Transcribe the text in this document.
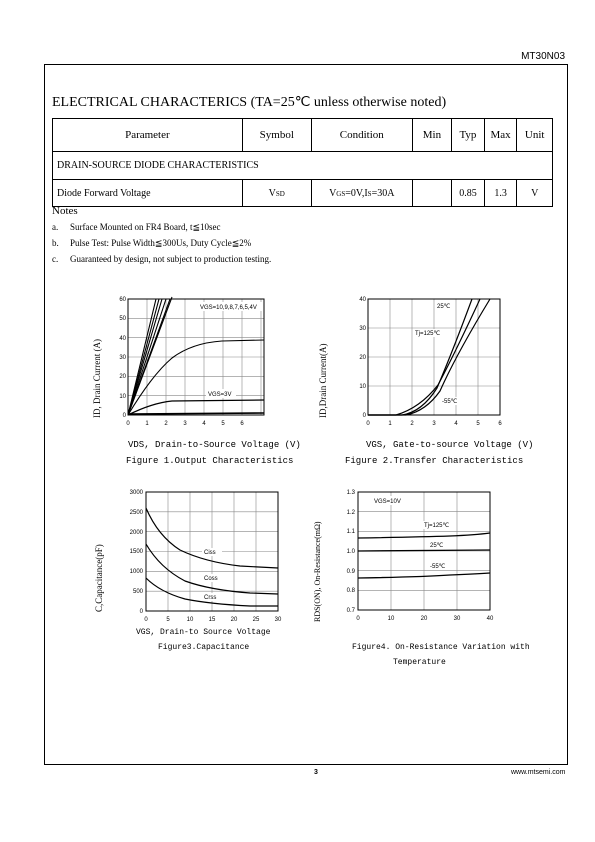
MT30N03
ELECTRICAL CHARACTERICS (TA=25℃ unless otherwise noted)
Parameter	Symbol	Condition	Min	Typ	Max	Unit
DRAIN-SOURCE DIODE CHARACTERISTICS						
Diode Forward Voltage	VSD	VGS=0V,IS=30A		0.85	1.3	V
Notes
a. Surface Mounted on FR4 Board, t≦10sec
b. Pulse Test: Pulse Width≦300Us, Duty Cycle≦2%
c. Guaranteed by design, not subject to production testing.
ID, Drain Current (A)
60
50
40
30
20
10
0
0	1	2	3	4	5	6
VGS=10,9,8,7,6,5,4V
VGS=3V
VDS, Drain-to-Source Voltage (V)
Figure 1.Output Characteristics
ID,Drain Current(A)
40
30
20
10
0
0	1	2	3	4	5	6
25℃
Tj=125℃
-55℃
VGS, Gate-to-source Voltage (V)
Figure 2.Transfer Characteristics
C,Capacitance(pF)
3000
2500
2000
1500
1000
500
0
0	5	10	15	20	25	30
Ciss
Coss
Crss
VGS, Drain-to Source Voltage
Figure3.Capacitance
RDS(ON), On-Resistance(mΩ)
1.3
1.2
1.1
1.0
0.9
0.8
0.7
0	10	20	30	40
VGS=10V
Tj=125℃
25℃
-55℃
Figure4. On-Resistance Variation with
Temperature
3	www.mtsemi.com
